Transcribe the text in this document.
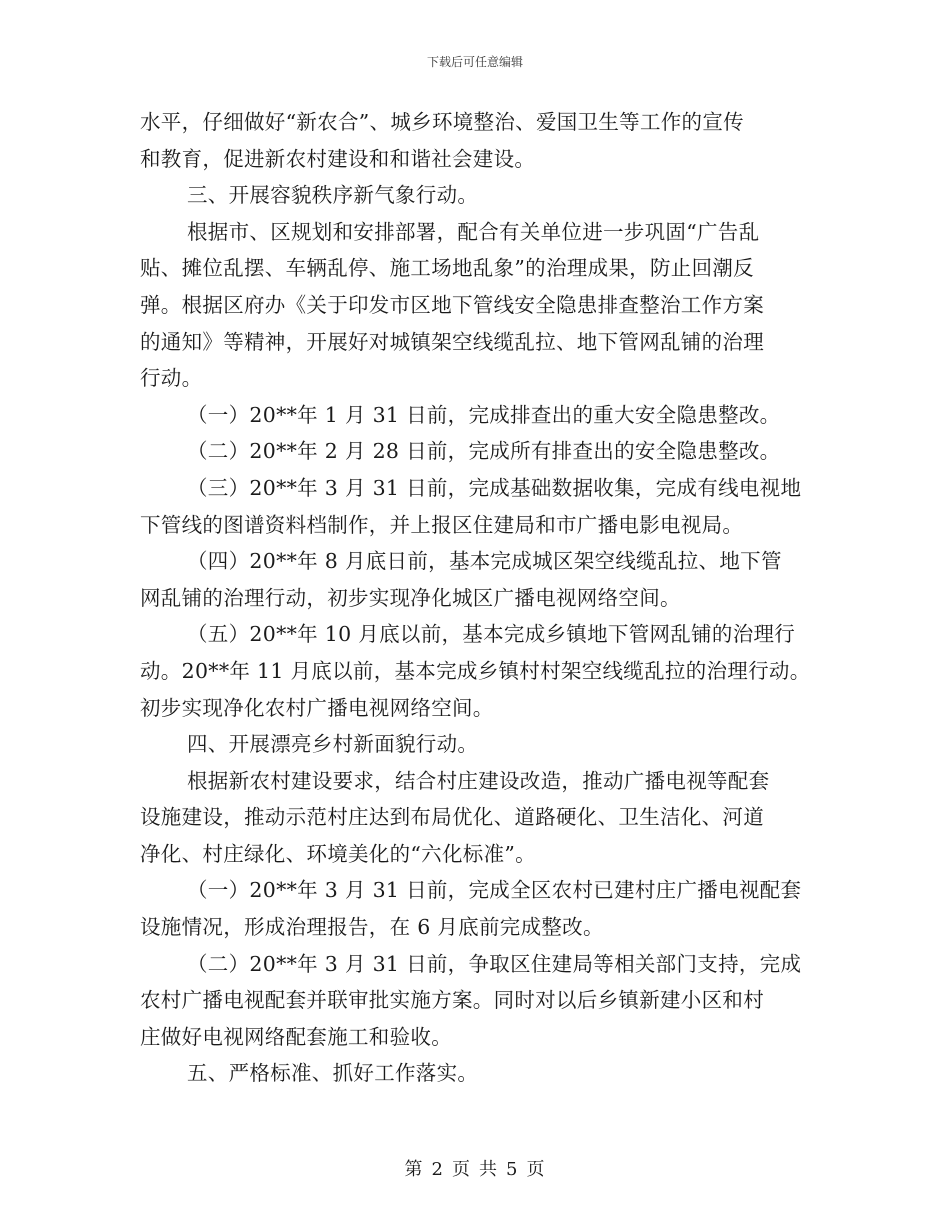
下载后可任意编辑

水平，仔细做好“新农合”、城乡环境整治、爱国卫生等工作的宣传

和教育，促进新农村建设和和谐社会建设。

三、开展容貌秩序新气象行动。

根据市、区规划和安排部署，配合有关单位进一步巩固“广告乱

贴、摊位乱摆、车辆乱停、施工场地乱象”的治理成果，防止回潮反

弹。根据区府办《关于印发市区地下管线安全隐患排查整治工作方案

的通知》等精神，开展好对城镇架空线缆乱拉、地下管网乱铺的治理

行动。

（一）20**年 1 月 31 日前，完成排查出的重大安全隐患整改。

（二）20**年 2 月 28 日前，完成所有排查出的安全隐患整改。

（三）20**年 3 月 31 日前，完成基础数据收集，完成有线电视地

下管线的图谱资料档制作，并上报区住建局和市广播电影电视局。

（四）20**年 8 月底日前，基本完成城区架空线缆乱拉、地下管

网乱铺的治理行动，初步实现净化城区广播电视网络空间。

（五）20**年 10 月底以前，基本完成乡镇地下管网乱铺的治理行

动。20**年 11 月底以前，基本完成乡镇村村架空线缆乱拉的治理行动。

初步实现净化农村广播电视网络空间。

四、开展漂亮乡村新面貌行动。

根据新农村建设要求，结合村庄建设改造，推动广播电视等配套

设施建设，推动示范村庄达到布局优化、道路硬化、卫生洁化、河道

净化、村庄绿化、环境美化的“六化标准”。

（一）20**年 3 月 31 日前，完成全区农村已建村庄广播电视配套

设施情况，形成治理报告，在 6 月底前完成整改。

（二）20**年 3 月 31 日前，争取区住建局等相关部门支持，完成

农村广播电视配套并联审批实施方案。同时对以后乡镇新建小区和村

庄做好电视网络配套施工和验收。

五、严格标准、抓好工作落实。

第 2 页 共 5 页
